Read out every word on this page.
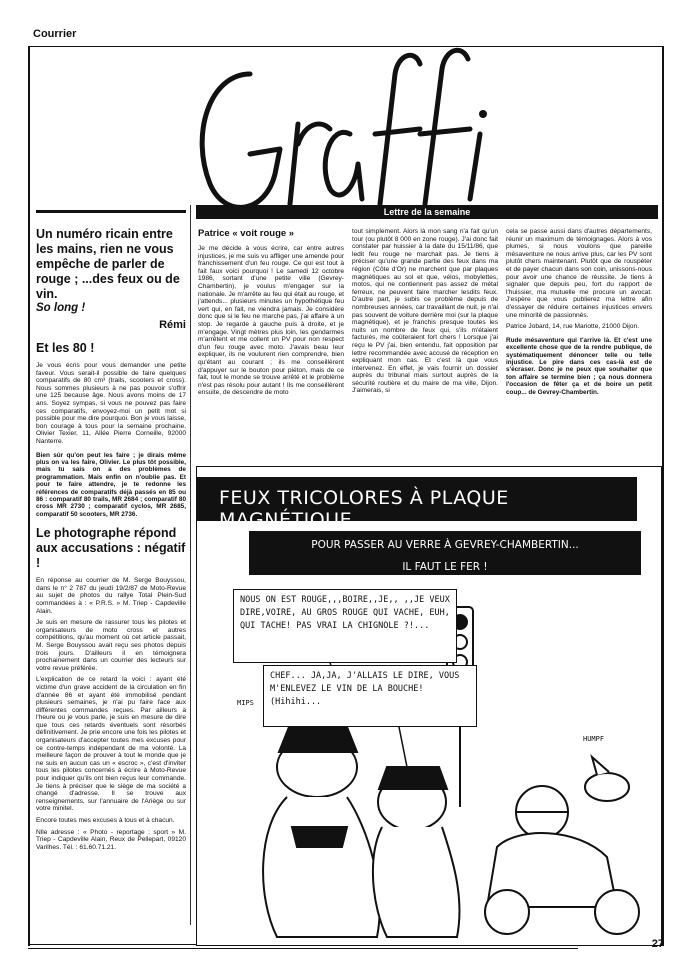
Courrier
Un numéro ricain entre les mains, rien ne vous empêche de parler de rouge ; ...des feux ou de vin.
So long !
Rémi
Et les 80 !

Je vous écris pour vous demander une petite faveur. Vous serait-il possible de faire quelques comparatifs de 80 cm³ (trails, scooters et cross). Nous sommes plusieurs à ne pas pouvoir s'offrir une 125 because âge. Nous avons moins de 17 ans. Soyez sympas, si vous ne pouvez pas faire ces comparatifs, envoyez-moi un petit mot si possible pour me dire pourquoi. Bon je vous laisse, bon courage à tous pour la semaine prochaine. Olivier Texier, 11, Allée Pierre Corneille, 92000 Nanterre.

Bien sûr qu'on peut les faire ; je dirais même plus on va les faire, Olivier. Le plus tôt possible, mais tu sais on a des problèmes de programmation. Mais enfin on n'oublie pas. Et pour te faire attendre, je te redonne les références de comparatifs déjà passés en 85 ou 86 : comparatif 80 trails, MR 2684 ; comparatif 80 cross MR 2730 ; comparatif cyclos, MR 2685, comparatif 50 scooters, MR 2736.

Le photographe répond aux accusations : négatif !

En réponse au courrier de M. Serge Bouyssou, dans le n° 2 787 du jeudi 19/2/87 de Moto-Revue au sujet de photos du rallye Total Plein-Sud commandées à : « P.R.S. » M. Triep - Capdeville Alain.

Je suis en mesure de rassurer tous les pilotes et organisateurs de moto cross et autres compétitions, qu'au moment où cet article passait, M. Serge Bouyssou avait reçu ses photos depuis trois jours. D'ailleurs il en témoignera prochainement dans un courrier des lecteurs sur votre revue préférée.

L'explication de ce retard la voici : ayant été victime d'un grave accident de la circulation en fin d'année 86 et ayant été immobilisé pendant plusieurs semaines, je n'ai pu faire face aux différentes commandes reçues. Par ailleurs à l'heure ou je vous parle, je suis en mesure de dire que tous ces retards éventuels sont résorbés définitivement. Je prie encore une fois les pilotes et organisateurs d'accepter toutes mes excuses pour ce contre-temps indépendant de ma volonté. La meilleure façon de prouver à tout le monde que je ne suis en aucun cas un « escroc », c'est d'inviter tous les pilotes concernés à écrire à Moto-Revue pour indiquer qu'ils ont bien reçus leur commande. Je tiens à préciser que le siège de ma société a changé d'adresse. Il se trouve aux renseignements, sur l'annuaire de l'Ariège ou sur votre minitel.

Encore toutes mes excuses à tous et à chacun.

Nlle adresse : « Photo - reportage : sport » M. Triep - Capdeville Alain, Reux de Pellepart, 09120 Varilhes. Tél. : 61.60.71.21.

Lettre de la semaine
Patrice « voit rouge »

Je me décide à vous écrire, car entre autres injustices, je me suis vu affliger une amende pour franchissement d'un feu rouge. Ce qui est tout à fait faux voici pourquoi ! Le samedi 12 octobre 1986, sortant d'une petite ville (Gevrey-Chambertin), je voulus m'engager sur la nationale. Je m'arrête au feu qui était au rouge, et j'attends... plusieurs minutes un hypothétique feu vert qui, en fait, ne viendra jamais. Je considère donc que si le feu ne marche pas, j'ai affaire à un stop. Je regarde à gauche puis à droite, et je m'engage. Vingt mètres plus loin, les gendarmes m'arrêtent et me collent un PV pour non respect d'un feu rouge avec moto. J'avais beau leur expliquer, ils ne voulurent rien comprendre, bien qu'étant au courant ; ils me conseillèrent d'appuyer sur le bouton pour piéton, mais de ce fait, tout le monde se trouve arrêté et le problème n'est pas résolu pour autant ! Ils me conseillèrent ensuite, de descendre de moto

tout simplement. Alors là mon sang n'a fait qu'un tour (ou plutôt 8 000 en zone rouge). J'ai donc fait constater par huissier à la date du 15/11/86, que ledit feu rouge ne marchait pas. Je tiens à préciser qu'une grande partie des feux dans ma région (Côte d'Or) ne marchent que par plaques magnétiques au sol et que, vélos, mobylettes, motos, qui ne contiennent pas assez de métal ferreux, ne peuvent faire marcher lesdits feux. D'autre part, je subis ce problème depuis de nombreuses années, car travaillant de nuit, je n'ai pas souvent de voiture derrière moi (sur la plaque magnétique), et je franchis presque toutes les nuits un nombre de feux qui, s'ils m'étaient facturés, me coûteraient fort chers ! Lorsque j'ai reçu le PV j'ai, bien entendu, fait opposition par lettre recommandée avec accusé de réception en expliquant mon cas. Et c'est là que vous intervenez. En effet, je vais fournir un dossier auprès du tribunal mais surtout auprès de la sécurité routière et du maire de ma ville, Dijon. J'aimerais, si

cela se passe aussi dans d'autres départements, réunir un maximum de témoignages. Alors à vos plumes, si nous voulons que pareille mésaventure ne nous arrive plus, car les PV sont plutôt chers maintenant. Plutôt que de rouspéter et de payer chacun dans son coin, unissons-nous pour avoir une chance de réussite. Je tiens à signaler que depuis peu, fort du rapport de l'huissier, ma mutuelle me procure un avocat. J'espère que vous publierez ma lettre afin d'essayer de réduire certaines injustices envers une minorité de passionnés.

Patrice Jobard, 14, rue Mariotte, 21000 Dijon.

Rude mésaventure qui t'arrive là. Et c'est une excellente chose que de la rendre publique, de systématiquement dénoncer telle ou telle injustice. Le pire dans ces cas-là est de s'écraser. Donc je ne peux que souhaiter que ton affaire se termine bien ; ça nous donnera l'occasion de fêter ça et de boire un petit coup... de Gevrey-Chambertin.

FEUX TRICOLORES À PLAQUE MAGNÉTIQUE...
POUR PASSER AU VERRE À GEVREY-CHAMBERTIN...
IL FAUT LE FER !
NOUS ON EST ROUGE,,,BOIRE,,JE,, ,,JE VEUX DIRE,VOIRE, AU GROS ROUGE QUI VACHE, EUH, QUI TACHE! PAS VRAI LA CHIGNOLE ?!...
CHEF... JA,JA, J'ALLAIS LE DIRE, VOUS M'ENLEVEZ LE VIN DE LA BOUCHE! (Hihihi...
MIPS
HUMPF
MIPS
27
